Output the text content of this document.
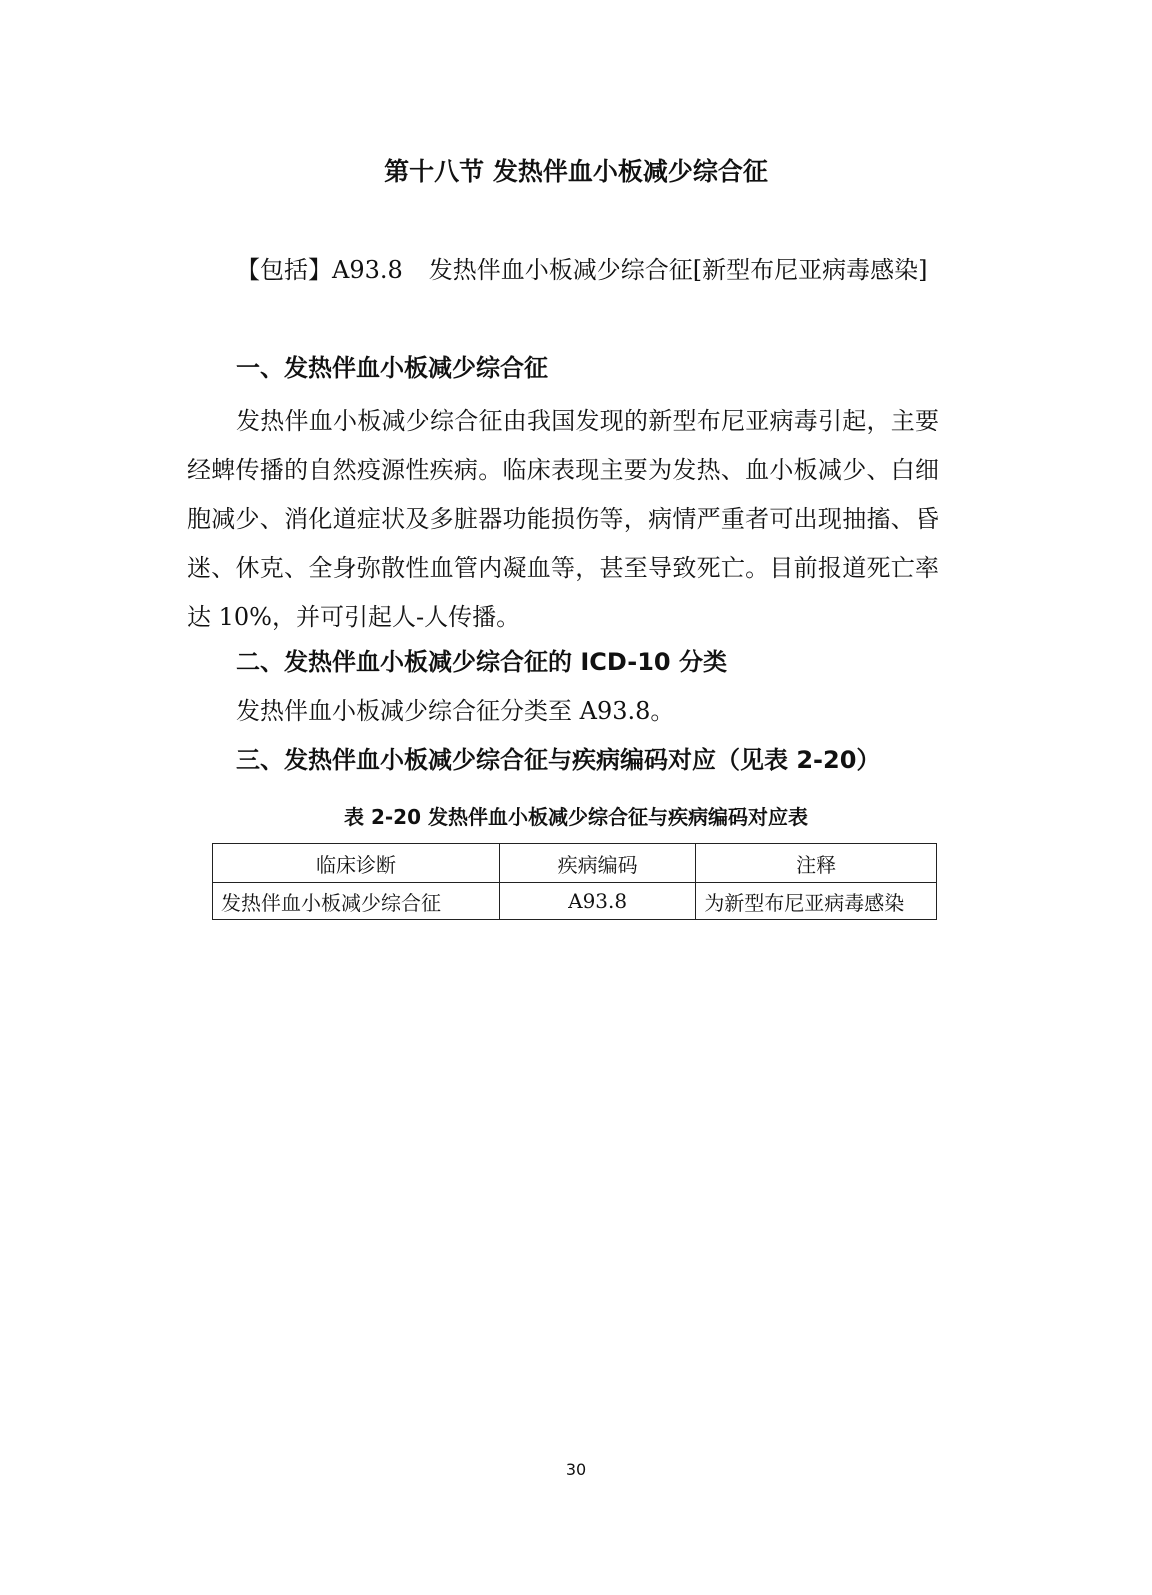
第十八节 发热伴血小板减少综合征

【包括】A93.8 发热伴血小板减少综合征[新型布尼亚病毒感染]

一、发热伴血小板减少综合征

发热伴血小板减少综合征由我国发现的新型布尼亚病毒引起，主要经蜱传播的自然疫源性疾病。临床表现主要为发热、血小板减少、白细胞减少、消化道症状及多脏器功能损伤等，病情严重者可出现抽搐、昏迷、休克、全身弥散性血管内凝血等，甚至导致死亡。目前报道死亡率达 10%，并可引起人-人传播。

二、发热伴血小板减少综合征的 ICD-10 分类

发热伴血小板减少综合征分类至 A93.8。

三、发热伴血小板减少综合征与疾病编码对应（见表 2-20）
表 2-20 发热伴血小板减少综合征与疾病编码对应表
临床诊断	疾病编码	注释
发热伴血小板减少综合征	A93.8	为新型布尼亚病毒感染
30
